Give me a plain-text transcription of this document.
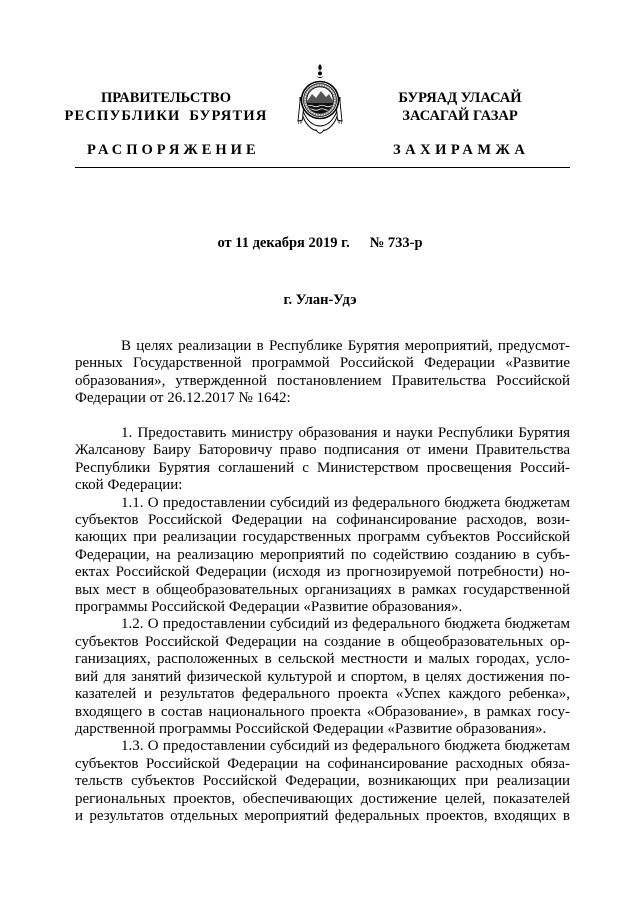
ПРАВИТЕЛЬСТВО
РЕСПУБЛИКИ БУРЯТИЯ
БУРЯАД УЛАСАЙ
ЗАСАГАЙ ГАЗАР
РАСПОРЯЖЕНИЕ	ЗАХИРАМЖА
от 11 декабря 2019 г. № 733-р
г. Улан-Удэ
В целях реализации в Республике Бурятия мероприятий, предусмот-
ренных Государственной программой Российской Федерации «Развитие
образования», утвержденной постановлением Правительства Российской
Федерации от 26.12.2017 № 1642:
1. Предоставить министру образования и науки Республики Бурятия
Жалсанову Баиру Баторовичу право подписания от имени Правительства
Республики Бурятия соглашений с Министерством просвещения Россий-
ской Федерации:
1.1. О предоставлении субсидий из федерального бюджета бюджетам
субъектов Российской Федерации на софинансирование расходов, вози-
кающих при реализации государственных программ субъектов Российской
Федерации, на реализацию мероприятий по содействию созданию в субъ-
ектах Российской Федерации (исходя из прогнозируемой потребности) но-
вых мест в общеобразовательных организациях в рамках государственной
программы Российской Федерации «Развитие образования».
1.2. О предоставлении субсидий из федерального бюджета бюджетам
субъектов Российской Федерации на создание в общеобразовательных ор-
ганизациях, расположенных в сельской местности и малых городах, усло-
вий для занятий физической культурой и спортом, в целях достижения по-
казателей и результатов федерального проекта «Успех каждого ребенка»,
входящего в состав национального проекта «Образование», в рамках госу-
дарственной программы Российской Федерации «Развитие образования».
1.3. О предоставлении субсидий из федерального бюджета бюджетам
субъектов Российской Федерации на софинансирование расходных обяза-
тельств субъектов Российской Федерации, возникающих при реализации
региональных проектов, обеспечивающих достижение целей, показателей
и результатов отдельных мероприятий федеральных проектов, входящих в
